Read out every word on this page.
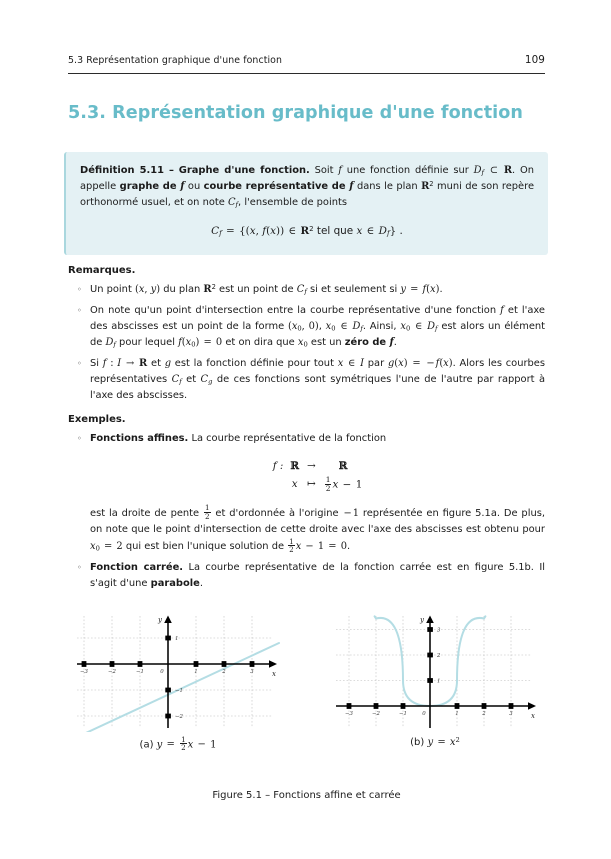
5.3 Représentation graphique d'une fonction	109
5.3. Représentation graphique d'une fonction

Définition 5.11 – Graphe d'une fonction. Soit f une fonction définie sur $D_f$ ⊂ R. On appelle graphe de f ou courbe représentative de f dans le plan $R^2$ muni de son repère orthonormé usuel, et on note $C_f$, l'ensemble de points

$C_f = \{(x$, f(x)) ∈ $R^2$ tel que x ∈ $D_f$} .

Remarques.
◦ Un point (x, y) du plan $R^2$ est un point de $C_f$ si et seulement si y = f(x).
◦ On note qu'un point d'intersection entre la courbe représentative d'une fonction f et l'axe des abscisses est un point de la forme ($x_0$, 0), $x_0$ ∈ $D_f$. Ainsi, $x_0$ ∈ $D_f$ est alors un élément de $D_f$ pour lequel $f(x_0) = 0$ et on dira que $x_0$ est un zéro de f.
◦ Si f : I → R et g est la fonction définie pour tout x ∈ I par g(x) = −f(x). Alors les courbes représentatives $C_f$ et $C_g$ de ces fonctions sont symétriques l'une de l'autre par rapport à l'axe des abscisses.
Exemples.
◦ Fonctions affines. La courbe représentative de la fonction
f :	ℝ	→	ℝ
	x	↦	$\frac{1}{2}$ x − 1
est la droite de pente $\frac{1}{2}$ et d'ordonnée à l'origine −1 représentée en figure 5.1a. De plus, on note que le point d'intersection de cette droite avec l'axe des abscisses est obtenu pour $x_0 = 2$ qui est bien l'unique solution de $\frac{1}{2}$ x − 1 = 0.
◦ Fonction carrée. La courbe représentative de la fonction carrée est en figure 5.1b. Il s'agit d'une parabole.
−3	−2	−1	0	1	2	3
1
−1
−2
x
y
(a) $y = \frac{1}{2}$ x − 1
−3	−2	−1	0	1	2	3
1
2
3
x
y
(b) $y = x^2$
Figure 5.1 – Fonctions affine et carrée
